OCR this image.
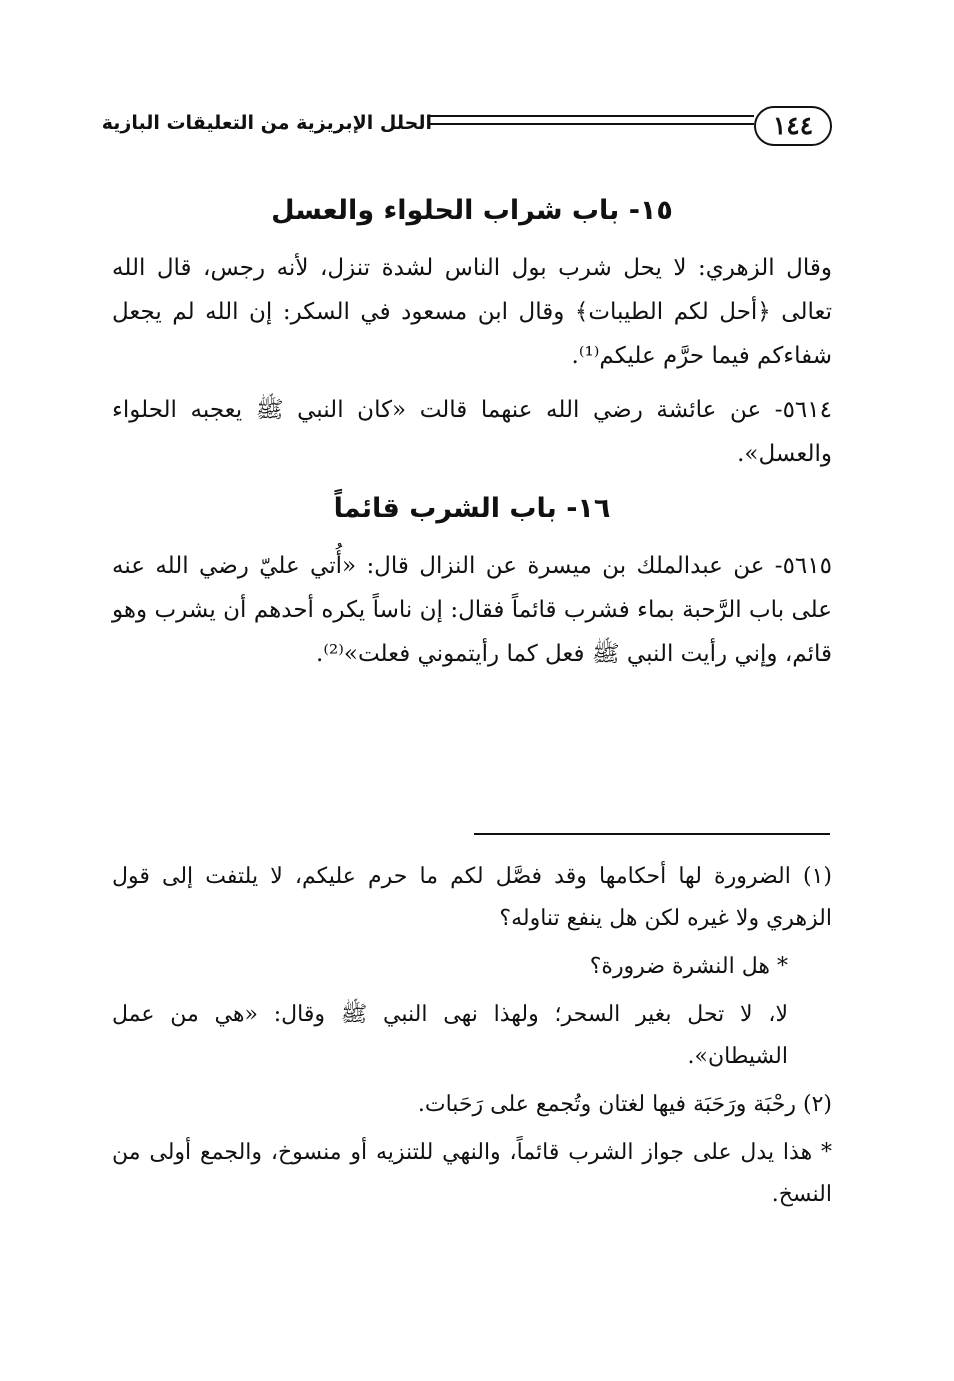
١٤٤
الحلل الإبريزية من التعليقات البازية
١٥- باب شراب الحلواء والعسل

وقال الزهري: لا يحل شرب بول الناس لشدة تنزل، لأنه رجس، قال الله تعالى ﴿أحل لكم الطيبات﴾ وقال ابن مسعود في السكر: إن الله لم يجعل شفاءكم فيما حرَّم عليكم⁽¹⁾.

٥٦١٤- عن عائشة رضي الله عنهما قالت «كان النبي ﷺ يعجبه الحلواء والعسل».

١٦- باب الشرب قائماً

٥٦١٥- عن عبدالملك بن ميسرة عن النزال قال: «أُتي عليّ رضي الله عنه على باب الرَّحبة بماء فشرب قائماً فقال: إن ناساً يكره أحدهم أن يشرب وهو قائم، وإني رأيت النبي ﷺ فعل كما رأيتموني فعلت»⁽²⁾.

(١) الضرورة لها أحكامها وقد فصَّل لكم ما حرم عليكم، لا يلتفت إلى قول الزهري ولا غيره لكن هل ينفع تناوله؟

* هل النشرة ضرورة؟

لا، لا تحل بغير السحر؛ ولهذا نهى النبي ﷺ وقال: «هي من عمل الشيطان».

(٢) رحْبَة ورَحَبَة فيها لغتان وتُجمع على رَحَبات.

* هذا يدل على جواز الشرب قائماً، والنهي للتنزيه أو منسوخ، والجمع أولى من النسخ.
